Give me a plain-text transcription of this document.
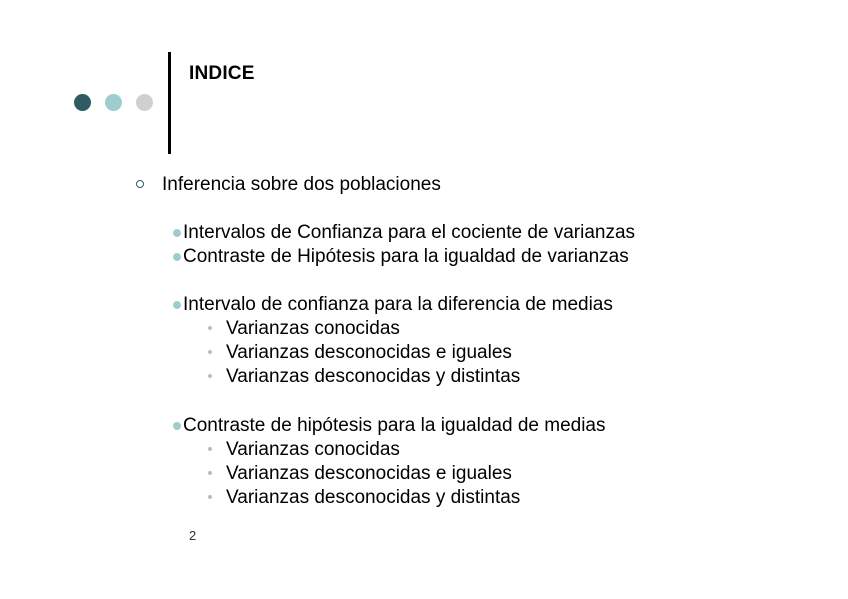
INDICE
Inferencia sobre dos poblaciones
Intervalos de Confianza para el cociente de varianzas
Contraste de Hipótesis para la igualdad de varianzas
Intervalo de confianza para la diferencia de medias
Varianzas conocidas
Varianzas desconocidas e iguales
Varianzas desconocidas y distintas
Contraste de hipótesis para la igualdad de medias
Varianzas conocidas
Varianzas desconocidas e iguales
Varianzas desconocidas y distintas
2
